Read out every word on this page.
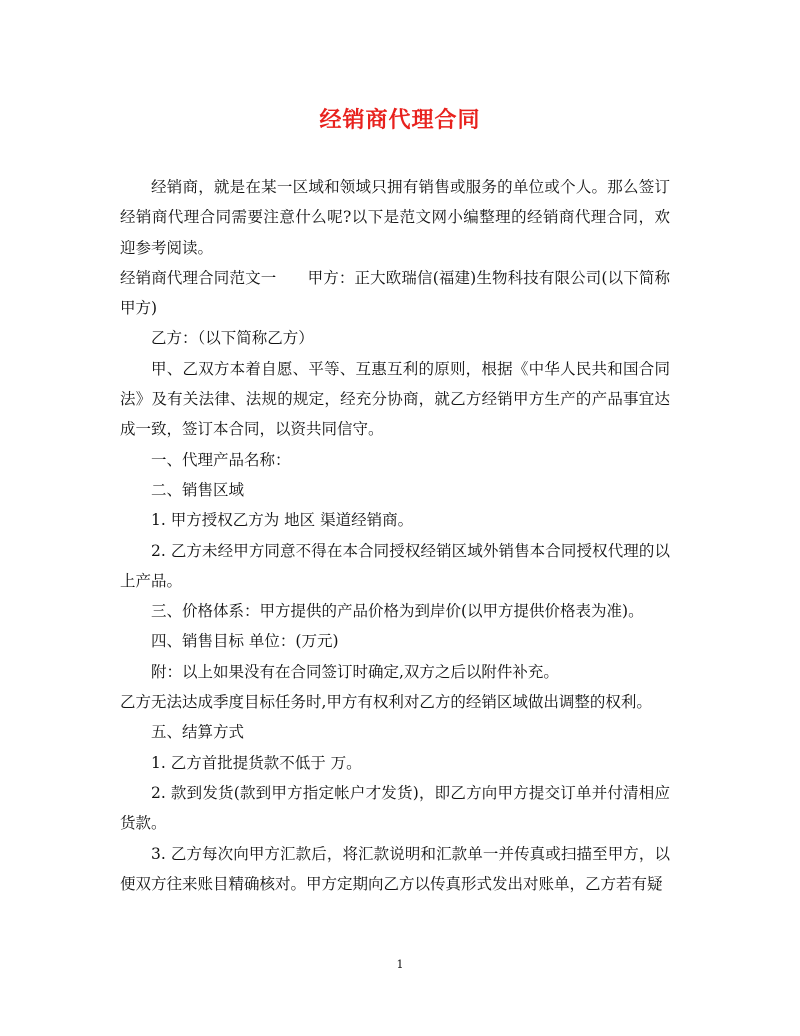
经销商代理合同

经销商，就是在某一区域和领域只拥有销售或服务的单位或个人。那么签订经销商代理合同需要注意什么呢?以下是范文网小编整理的经销商代理合同，欢迎参考阅读。

经销商代理合同范文一　　甲方：正大欧瑞信(福建)生物科技有限公司(以下简称甲方)

乙方：（以下简称乙方）

甲、乙双方本着自愿、平等、互惠互利的原则，根据《中华人民共和国合同法》及有关法律、法规的规定，经充分协商，就乙方经销甲方生产的产品事宜达成一致，签订本合同，以资共同信守。

一、代理产品名称：

二、销售区域

1. 甲方授权乙方为 地区 渠道经销商。

2. 乙方未经甲方同意不得在本合同授权经销区域外销售本合同授权代理的以上产品。

三、价格体系：甲方提供的产品价格为到岸价(以甲方提供价格表为准)。

四、销售目标 单位：(万元)

附：以上如果没有在合同签订时确定,双方之后以附件补充。

乙方无法达成季度目标任务时,甲方有权利对乙方的经销区域做出调整的权利。

五、结算方式

1. 乙方首批提货款不低于 万。

2. 款到发货(款到甲方指定帐户才发货)，即乙方向甲方提交订单并付清相应货款。

3. 乙方每次向甲方汇款后，将汇款说明和汇款单一并传真或扫描至甲方，以便双方往来账目精确核对。甲方定期向乙方以传真形式发出对账单，乙方若有疑

1
